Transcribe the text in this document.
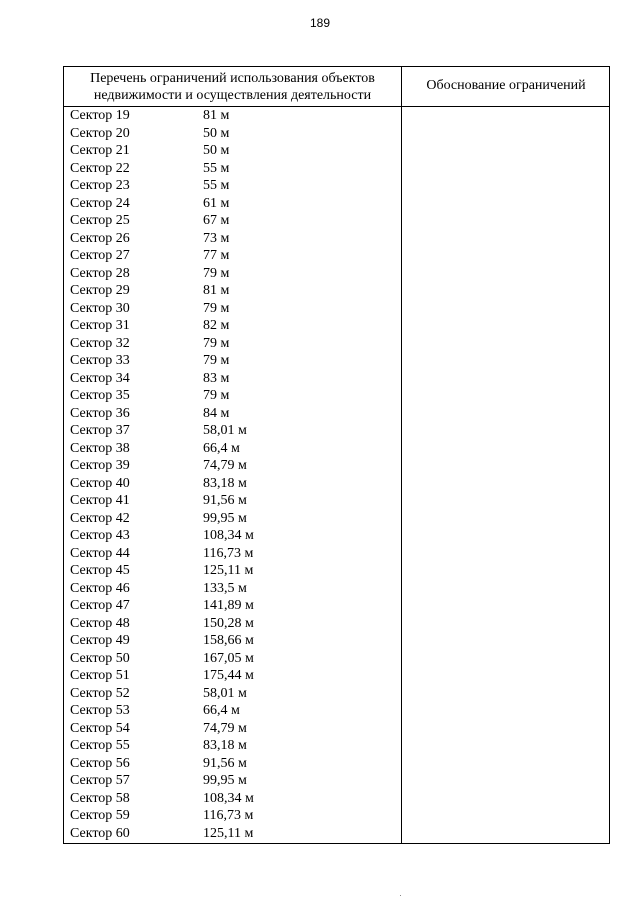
189
Перечень ограничений использования объектов
недвижимости и осуществления деятельности
Обоснование ограничений
Сектор 19	81 м
Сектор 20	50 м
Сектор 21	50 м
Сектор 22	55 м
Сектор 23	55 м
Сектор 24	61 м
Сектор 25	67 м
Сектор 26	73 м
Сектор 27	77 м
Сектор 28	79 м
Сектор 29	81 м
Сектор 30	79 м
Сектор 31	82 м
Сектор 32	79 м
Сектор 33	79 м
Сектор 34	83 м
Сектор 35	79 м
Сектор 36	84 м
Сектор 37	58,01 м
Сектор 38	66,4 м
Сектор 39	74,79 м
Сектор 40	83,18 м
Сектор 41	91,56 м
Сектор 42	99,95 м
Сектор 43	108,34 м
Сектор 44	116,73 м
Сектор 45	125,11 м
Сектор 46	133,5 м
Сектор 47	141,89 м
Сектор 48	150,28 м
Сектор 49	158,66 м
Сектор 50	167,05 м
Сектор 51	175,44 м
Сектор 52	58,01 м
Сектор 53	66,4 м
Сектор 54	74,79 м
Сектор 55	83,18 м
Сектор 56	91,56 м
Сектор 57	99,95 м
Сектор 58	108,34 м
Сектор 59	116,73 м
Сектор 60	125,11 м
